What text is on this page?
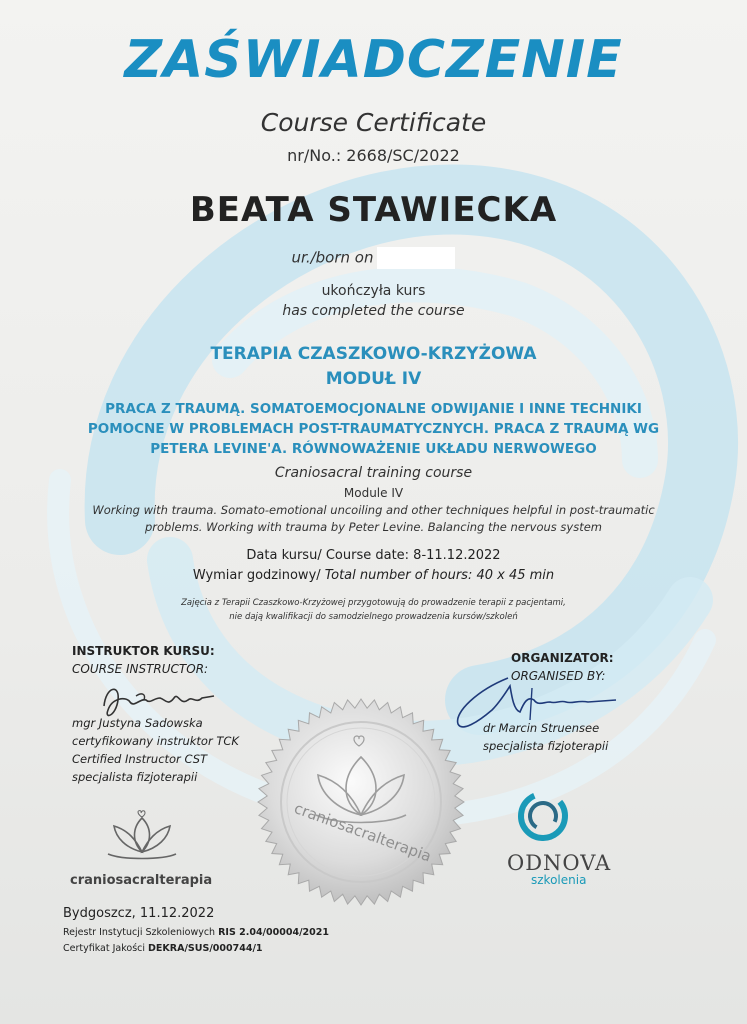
ZAŚWIADCZENIE
Course Certificate
nr/No.: 2668/SC/2022
BEATA STAWIECKA
ur./born on
ukończyła kurs
has completed the course
TERAPIA CZASZKOWO-KRZYŻOWA
MODUŁ IV
PRACA Z TRAUMĄ. SOMATOEMOCJONALNE ODWIJANIE I INNE TECHNIKI
POMOCNE W PROBLEMACH POST-TRAUMATYCZNYCH. PRACA Z TRAUMĄ WG
PETERA LEVINE'A. RÓWNOWAŻENIE UKŁADU NERWOWEGO
Craniosacral training course
Module IV
Working with trauma. Somato-emotional uncoiling and other techniques helpful in post-traumatic
problems. Working with trauma by Peter Levine. Balancing the nervous system
Data kursu/ Course date: 8-11.12.2022
Wymiar godzinowy/ Total number of hours: 40 x 45 min
Zajęcia z Terapii Czaszkowo-Krzyżowej przygotowują do prowadzenie terapii z pacjentami,
nie dają kwalifikacji do samodzielnego prowadzenia kursów/szkoleń
INSTRUKTOR KURSU:
COURSE INSTRUCTOR:
mgr Justyna Sadowska
certyfikowany instruktor TCK
Certified Instructor CST
specjalista fizjoterapii
ORGANIZATOR:
ORGANISED BY:
dr Marcin Struensee
specjalista fizjoterapii
craniosacralterapia
craniosacralterapia
ODNOVA
szkolenia
Bydgoszcz, 11.12.2022
Rejestr Instytucji Szkoleniowych RIS 2.04/00004/2021
Certyfikat Jakości DEKRA/SUS/000744/1
